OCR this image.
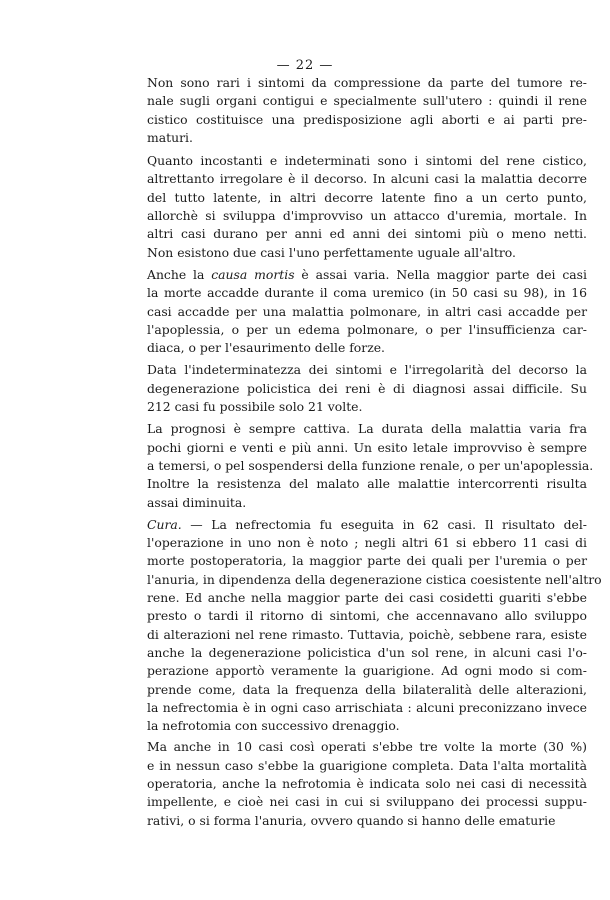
— 22 —
Non sono rari i sintomi da compressione da parte del tumore re-
nale sugli organi contigui e specialmente sull'utero : quindi il rene
cistico costituisce una predisposizione agli aborti e ai parti pre-
maturi.
Quanto incostanti e indeterminati sono i sintomi del rene cistico,
altrettanto irregolare è il decorso. In alcuni casi la malattia decorre
del tutto latente, in altri decorre latente fino a un certo punto,
allorchè si sviluppa d'improvviso un attacco d'uremia, mortale. In
altri casi durano per anni ed anni dei sintomi più o meno netti.
Non esistono due casi l'uno perfettamente uguale all'altro.
Anche la causa mortis è assai varia. Nella maggior parte dei casi
la morte accadde durante il coma uremico (in 50 casi su 98), in 16
casi accadde per una malattia polmonare, in altri casi accadde per
l'apoplessia, o per un edema polmonare, o per l'insufficienza car-
diaca, o per l'esaurimento delle forze.
Data l'indeterminatezza dei sintomi e l'irregolarità del decorso la
degenerazione policistica dei reni è di diagnosi assai difficile. Su
212 casi fu possibile solo 21 volte.
La prognosi è sempre cattiva. La durata della malattia varia fra
pochi giorni e venti e più anni. Un esito letale improvviso è sempre
a temersi, o pel sospendersi della funzione renale, o per un'apoplessia.
Inoltre la resistenza del malato alle malattie intercorrenti risulta
assai diminuita.
Cura. — La nefrectomia fu eseguita in 62 casi. Il risultato del-
l'operazione in uno non è noto ; negli altri 61 si ebbero 11 casi di
morte postoperatoria, la maggior parte dei quali per l'uremia o per
l'anuria, in dipendenza della degenerazione cistica coesistente nell'altro
rene. Ed anche nella maggior parte dei casi cosidetti guariti s'ebbe
presto o tardi il ritorno di sintomi, che accennavano allo sviluppo
di alterazioni nel rene rimasto. Tuttavia, poichè, sebbene rara, esiste
anche la degenerazione policistica d'un sol rene, in alcuni casi l'o-
perazione apportò veramente la guarigione. Ad ogni modo si com-
prende come, data la frequenza della bilateralità delle alterazioni,
la nefrectomia è in ogni caso arrischiata : alcuni preconizzano invece
la nefrotomia con successivo drenaggio.
Ma anche in 10 casi così operati s'ebbe tre volte la morte (30 %)
e in nessun caso s'ebbe la guarigione completa. Data l'alta mortalità
operatoria, anche la nefrotomia è indicata solo nei casi di necessità
impellente, e cioè nei casi in cui si sviluppano dei processi suppu-
rativi, o si forma l'anuria, ovvero quando si hanno delle ematurie
